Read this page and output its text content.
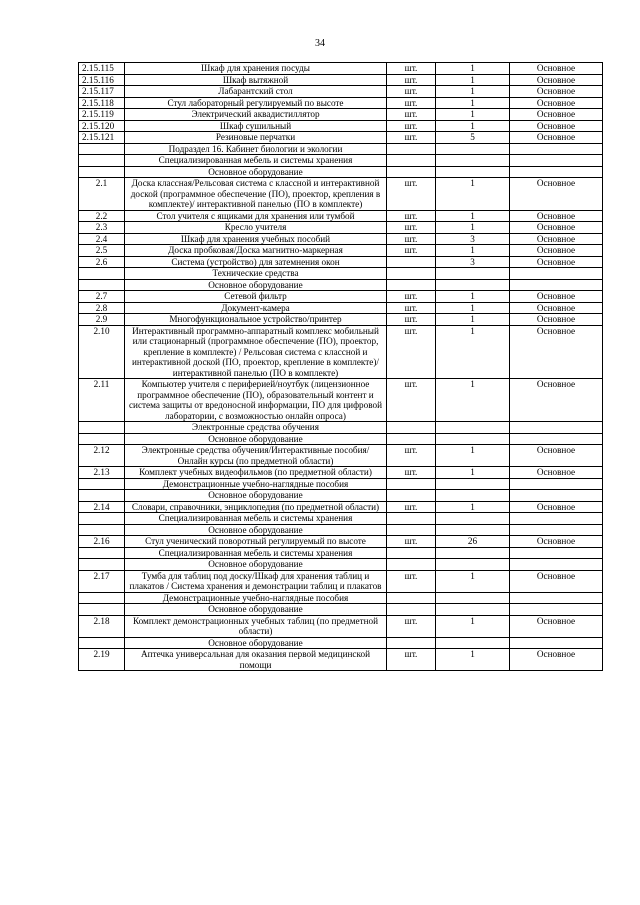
34
2.15.115	Шкаф для хранения посуды	шт.	1	Основное
2.15.116	Шкаф вытяжной	шт.	1	Основное
2.15.117	Лабарантский стол	шт.	1	Основное
2.15.118	Стул лабораторный регулируемый по высоте	шт.	1	Основное
2.15.119	Электрический аквадистиллятор	шт.	1	Основное
2.15.120	Шкаф сушильный	шт.	1	Основное
2.15.121	Резиновые перчатки	шт.	5	Основное
	Подраздел 16. Кабинет биологии и экологии			
	Специализированная мебель и системы хранения			
	Основное оборудование			
2.1	Доска классная/Рельсовая система с классной и интерактивной доской (программное обеспечение (ПО), проектор, крепления в комплекте)/ интерактивной панелью (ПО в комплекте)	шт.	1	Основное
2.2	Стол учителя с ящиками для хранения или тумбой	шт.	1	Основное
2.3	Кресло учителя	шт.	1	Основное
2.4	Шкаф для хранения учебных пособий	шт.	3	Основное
2.5	Доска пробковая/Доска магнитно-маркерная	шт.	1	Основное
2.6	Система (устройство) для затемнения окон		3	Основное
	Технические средства			
	Основное оборудование			
2.7	Сетевой фильтр	шт.	1	Основное
2.8	Документ-камера	шт.	1	Основное
2.9	Многофункциональное устройство/принтер	шт.	1	Основное
2.10	Интерактивный программно-аппаратный комплекс мобильный или стационарный (программное обеспечение (ПО), проектор, крепление в комплекте) / Рельсовая система с классной и интерактивной доской (ПО, проектор, крепление в комплекте)/ интерактивной панелью (ПО в комплекте)	шт.	1	Основное
2.11	Компьютер учителя с периферией/ноутбук (лицензионное программное обеспечение (ПО), образовательный контент и система защиты от вредоносной информации, ПО для цифровой лаборатории, с возможностью онлайн опроса)	шт.	1	Основное
	Электронные средства обучения			
	Основное оборудование			
2.12	Электронные средства обучения/Интерактивные пособия/Онлайн курсы (по предметной области)	шт.	1	Основное
2.13	Комплект учебных видеофильмов (по предметной области)	шт.	1	Основное
	Демонстрационные учебно-наглядные пособия			
	Основное оборудование			
2.14	Словари, справочники, энциклопедия (по предметной области)	шт.	1	Основное
	Специализированная мебель и системы хранения			
	Основное оборудование			
2.16	Стул ученический поворотный регулируемый по высоте	шт.	26	Основное
	Специализированная мебель и системы хранения			
	Основное оборудование			
2.17	Тумба для таблиц под доску/Шкаф для хранения таблиц и плакатов / Система хранения и демонстрации таблиц и плакатов	шт.	1	Основное
	Демонстрационные учебно-наглядные пособия			
	Основное оборудование			
2.18	Комплект демонстрационных учебных таблиц (по предметной области)	шт.	1	Основное
	Основное оборудование			
2.19	Аптечка универсальная для оказания первой медицинской помощи	шт.	1	Основное
